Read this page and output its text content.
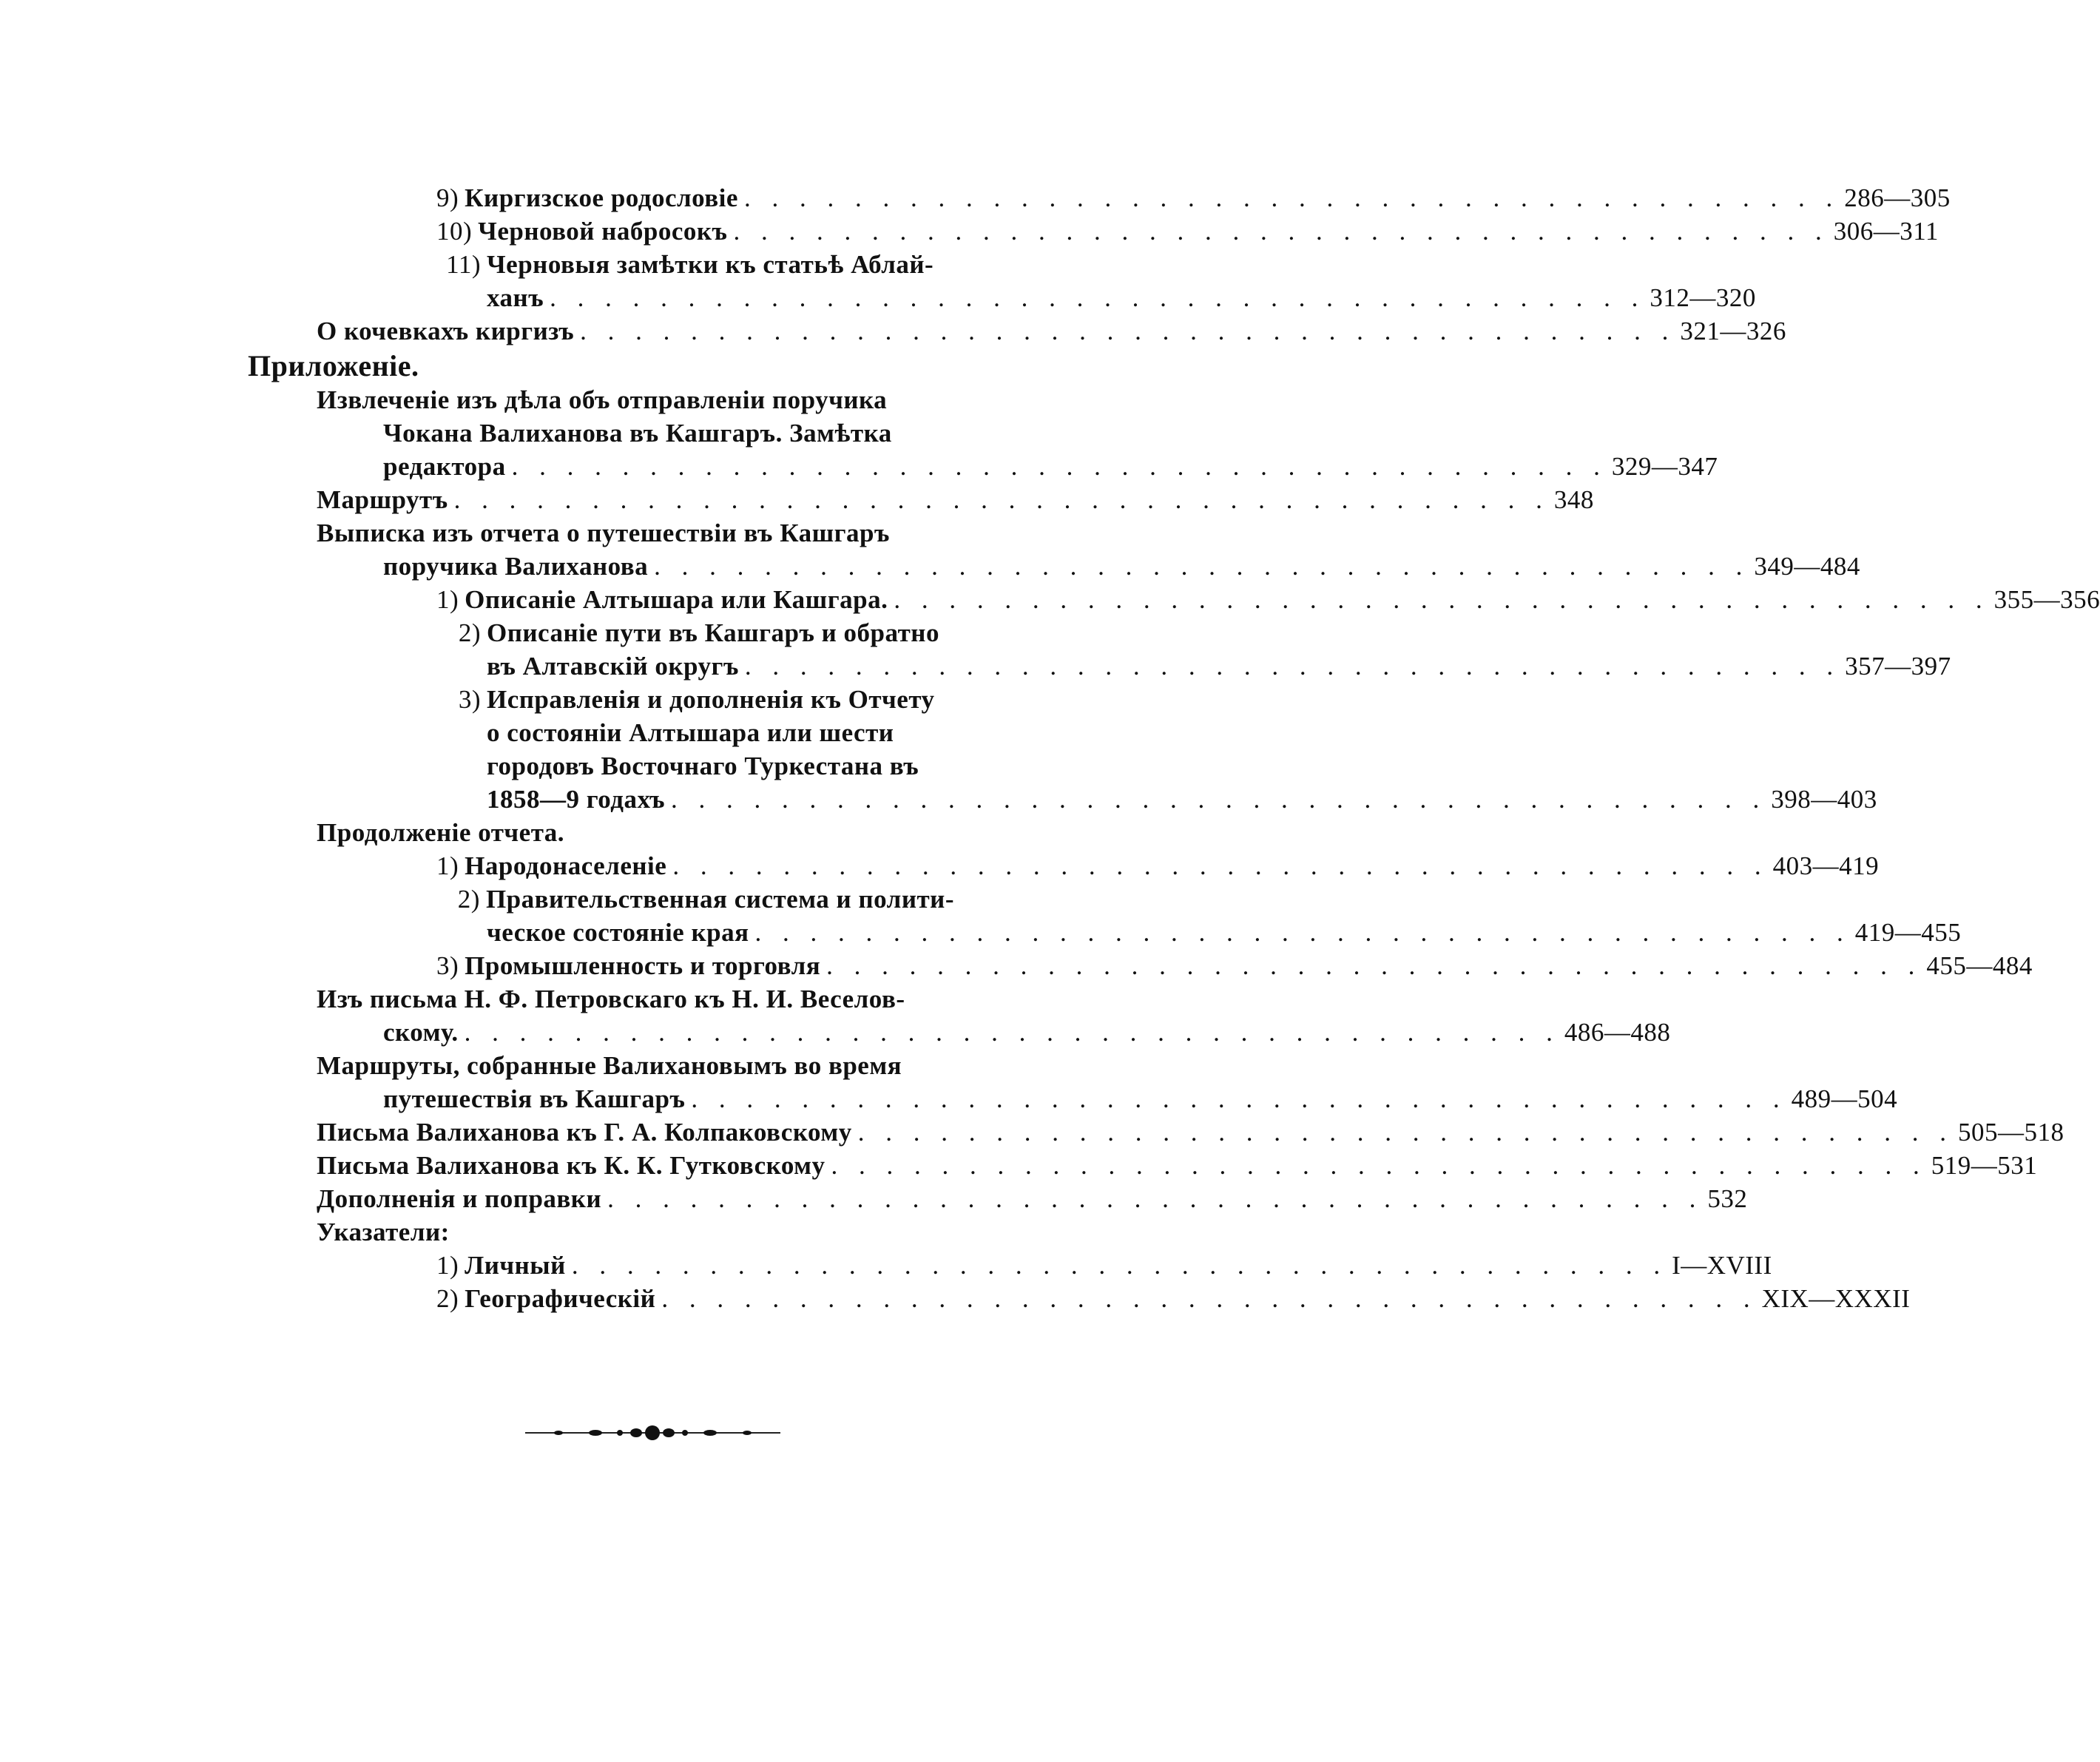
9) Киргизское родословіе . . . . . . . . . . . . . . . . . . . . . . . . . . . . . . . . . . . . . . . . 286—305
10) Черновой набросокъ . . . . . . . . . . . . . . . . . . . . . . . . . . . . . . . . . . . . . . . . 306—311
11) Черновыя замѣтки къ статьѣ Аблай-
ханъ . . . . . . . . . . . . . . . . . . . . . . . . . . . . . . . . . . . . . . . . 312—320
О кочевкахъ киргизъ . . . . . . . . . . . . . . . . . . . . . . . . . . . . . . . . . . . . . . . . 321—326
Приложеніе.
Извлеченіе изъ дѣла объ отправленіи поручика
Чокана Валиханова въ Кашгаръ. Замѣтка
редактора . . . . . . . . . . . . . . . . . . . . . . . . . . . . . . . . . . . . . . . . 329—347
Маршрутъ . . . . . . . . . . . . . . . . . . . . . . . . . . . . . . . . . . . . . . . . 348
Выписка изъ отчета о путешествіи въ Кашгаръ
поручика Валиханова . . . . . . . . . . . . . . . . . . . . . . . . . . . . . . . . . . . . . . . . 349—484
1) Описаніе Алтышара или Кашгара. . . . . . . . . . . . . . . . . . . . . . . . . . . . . . . . . . . . . . . . . 355—356
2) Описаніе пути въ Кашгаръ и обратно
въ Алтавскій округъ . . . . . . . . . . . . . . . . . . . . . . . . . . . . . . . . . . . . . . . . 357—397
3) Исправленія и дополненія къ Отчету
о состояніи Алтышара или шести
городовъ Восточнаго Туркестана въ
1858—9 годахъ . . . . . . . . . . . . . . . . . . . . . . . . . . . . . . . . . . . . . . . . 398—403
Продолженіе отчета.
1) Народонаселеніе . . . . . . . . . . . . . . . . . . . . . . . . . . . . . . . . . . . . . . . . 403—419
2) Правительственная система и полити-
ческое состояніе края . . . . . . . . . . . . . . . . . . . . . . . . . . . . . . . . . . . . . . . . 419—455
3) Промышленность и торговля . . . . . . . . . . . . . . . . . . . . . . . . . . . . . . . . . . . . . . . . 455—484
Изъ письма Н. Ф. Петровскаго къ Н. И. Веселов-
скому. . . . . . . . . . . . . . . . . . . . . . . . . . . . . . . . . . . . . . . . . 486—488
Маршруты, собранные Валихановымъ во время
путешествія въ Кашгаръ . . . . . . . . . . . . . . . . . . . . . . . . . . . . . . . . . . . . . . . . 489—504
Письма Валиханова къ Г. А. Колпаковскому . . . . . . . . . . . . . . . . . . . . . . . . . . . . . . . . . . . . . . . . 505—518
Письма Валиханова къ К. К. Гутковскому . . . . . . . . . . . . . . . . . . . . . . . . . . . . . . . . . . . . . . . . 519—531
Дополненія и поправки . . . . . . . . . . . . . . . . . . . . . . . . . . . . . . . . . . . . . . . . 532
Указатели:
1) Личный . . . . . . . . . . . . . . . . . . . . . . . . . . . . . . . . . . . . . . . . I—XVIII
2) Географическій . . . . . . . . . . . . . . . . . . . . . . . . . . . . . . . . . . . . . . . . XIX—XXXII
